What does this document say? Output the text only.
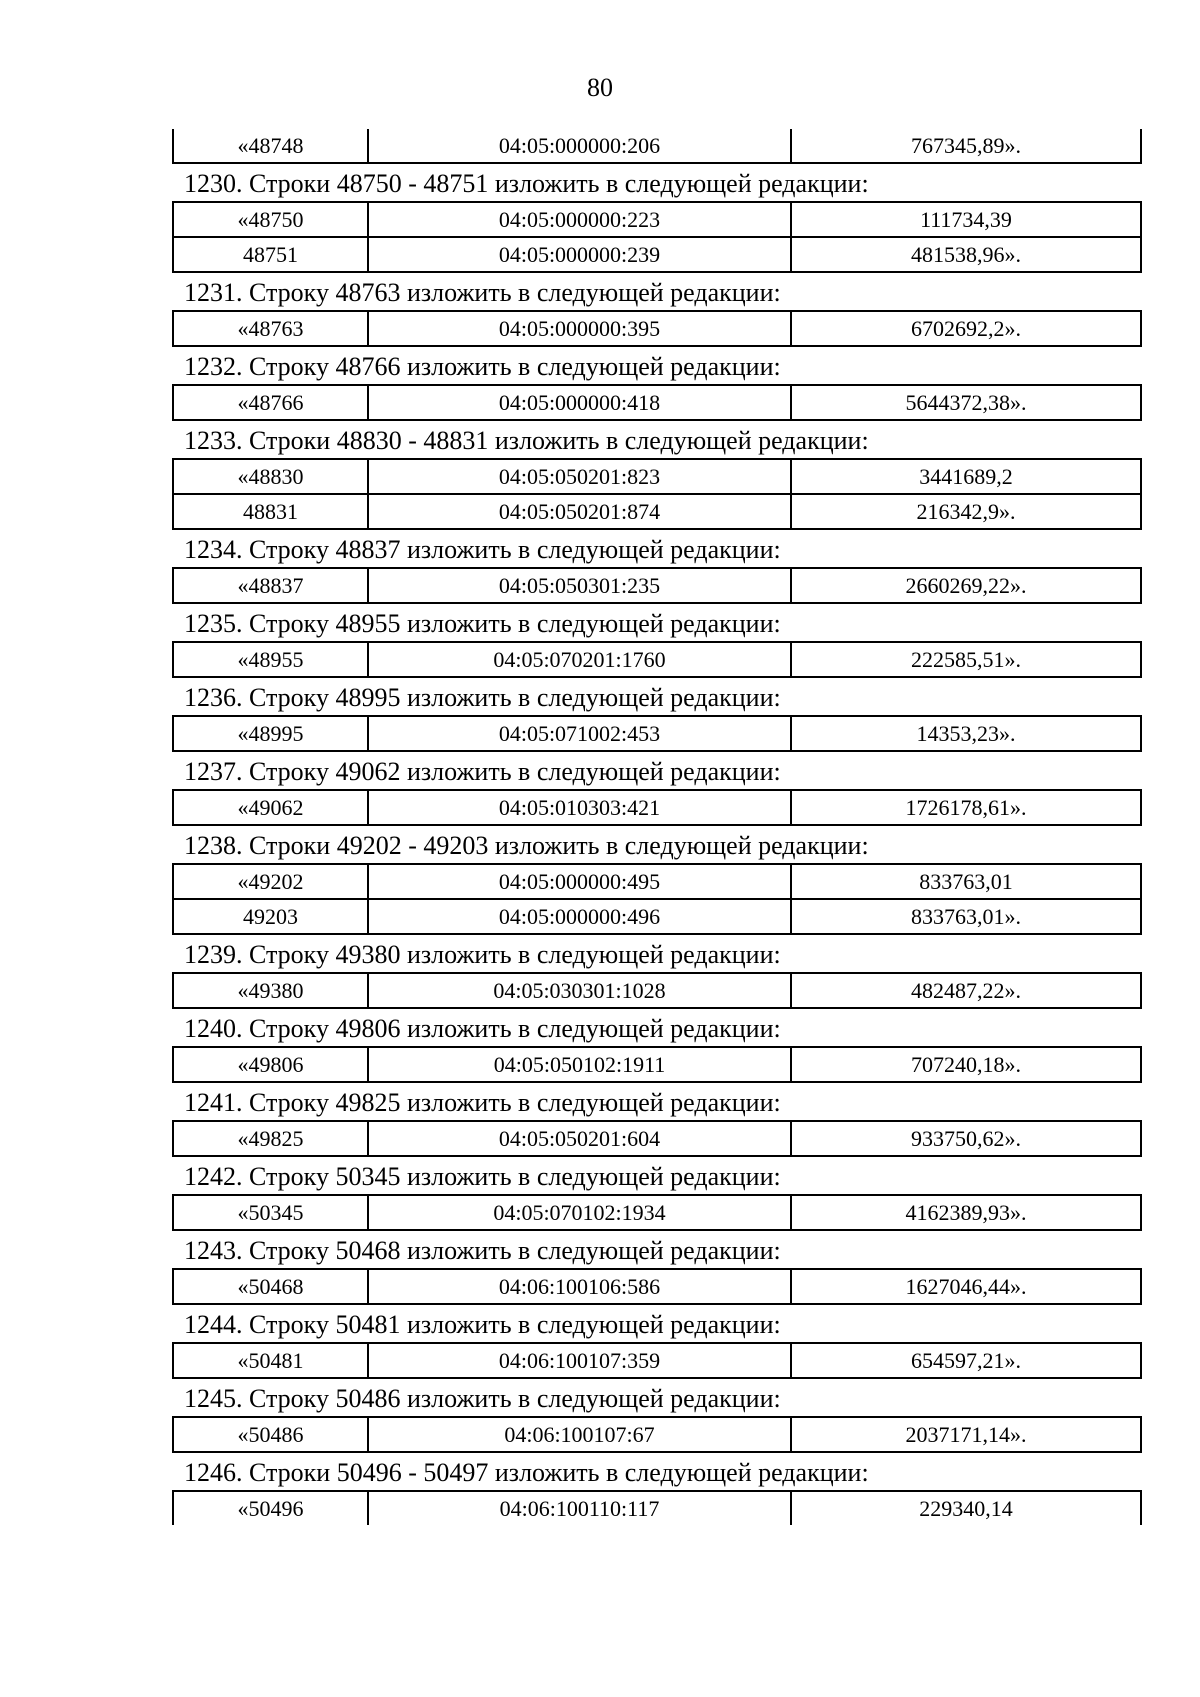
80
«48748	04:05:000000:206	767345,89».
1230. Строки 48750 - 48751 изложить в следующей редакции:
«48750	04:05:000000:223	111734,39
48751	04:05:000000:239	481538,96».
1231. Строку 48763 изложить в следующей редакции:
«48763	04:05:000000:395	6702692,2».
1232. Строку 48766 изложить в следующей редакции:
«48766	04:05:000000:418	5644372,38».
1233. Строки 48830 - 48831 изложить в следующей редакции:
«48830	04:05:050201:823	3441689,2
48831	04:05:050201:874	216342,9».
1234. Строку 48837 изложить в следующей редакции:
«48837	04:05:050301:235	2660269,22».
1235. Строку 48955 изложить в следующей редакции:
«48955	04:05:070201:1760	222585,51».
1236. Строку 48995 изложить в следующей редакции:
«48995	04:05:071002:453	14353,23».
1237. Строку 49062 изложить в следующей редакции:
«49062	04:05:010303:421	1726178,61».
1238. Строки 49202 - 49203 изложить в следующей редакции:
«49202	04:05:000000:495	833763,01
49203	04:05:000000:496	833763,01».
1239. Строку 49380 изложить в следующей редакции:
«49380	04:05:030301:1028	482487,22».
1240. Строку 49806 изложить в следующей редакции:
«49806	04:05:050102:1911	707240,18».
1241. Строку 49825 изложить в следующей редакции:
«49825	04:05:050201:604	933750,62».
1242. Строку 50345 изложить в следующей редакции:
«50345	04:05:070102:1934	4162389,93».
1243. Строку 50468 изложить в следующей редакции:
«50468	04:06:100106:586	1627046,44».
1244. Строку 50481 изложить в следующей редакции:
«50481	04:06:100107:359	654597,21».
1245. Строку 50486 изложить в следующей редакции:
«50486	04:06:100107:67	2037171,14».
1246. Строки 50496 - 50497 изложить в следующей редакции:
«50496	04:06:100110:117	229340,14
